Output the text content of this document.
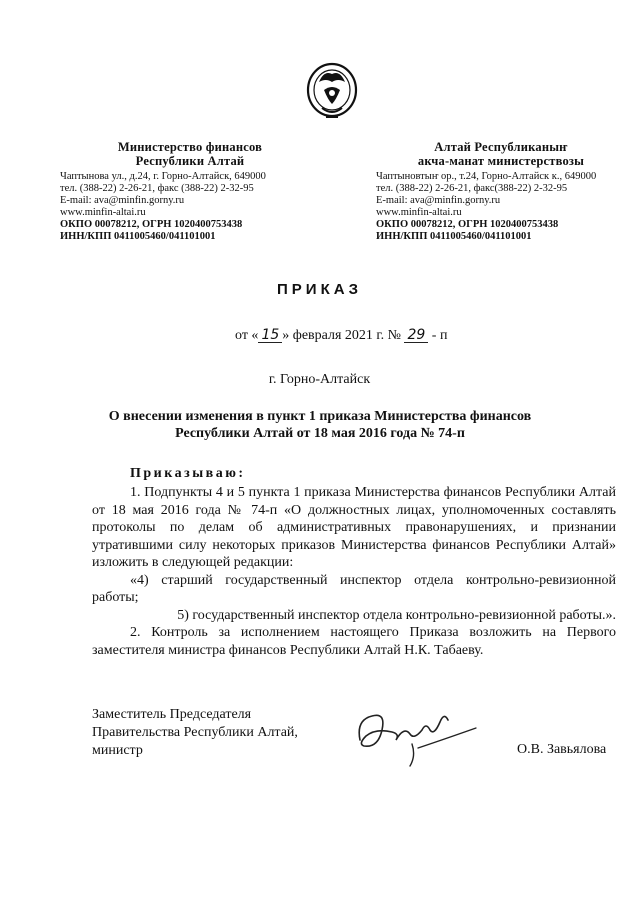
Министерство финансов
Республики Алтай
Чаптынова ул., д.24, г. Горно-Алтайск, 649000
тел. (388-22) 2-26-21, факс (388-22) 2-32-95
E-mail: ava@minfin.gorny.ru
www.minfin-altai.ru
ОКПО 00078212, ОГРН 1020400753438
ИНН/КПП 0411005460/041101001
Алтай Республиканыҥ
акча-манат министерствозы
Чаптыновтыҥ ор., т.24, Горно-Алтайск к., 649000
тел. (388-22) 2-26-21, факс(388-22) 2-32-95
E-mail: ava@minfin.gorny.ru
www.minfin-altai.ru
ОКПО 00078212, ОГРН 1020400753438
ИНН/КПП 0411005460/041101001
ПРИКАЗ
от « 15 » февраля 2021 г. № 29 - п
г. Горно-Алтайск
О внесении изменения в пункт 1 приказа Министерства финансов
Республики Алтай от 18 мая 2016 года № 74-п
Приказываю:

1. Подпункты 4 и 5 пункта 1 приказа Министерства финансов Республики Алтай от 18 мая 2016 года № 74-п «О должностных лицах, уполномоченных составлять протоколы по делам об административных правонарушениях, и признании утратившими силу некоторых приказов Министерства финансов Республики Алтай» изложить в следующей редакции:

«4) старший государственный инспектор отдела контрольно-ревизионной работы;

5) государственный инспектор отдела контрольно-ревизионной работы.».

2. Контроль за исполнением настоящего Приказа возложить на Первого заместителя министра финансов Республики Алтай Н.К. Табаеву.

Заместитель Председателя
Правительства Республики Алтай,
министр	О.В. Завьялова
